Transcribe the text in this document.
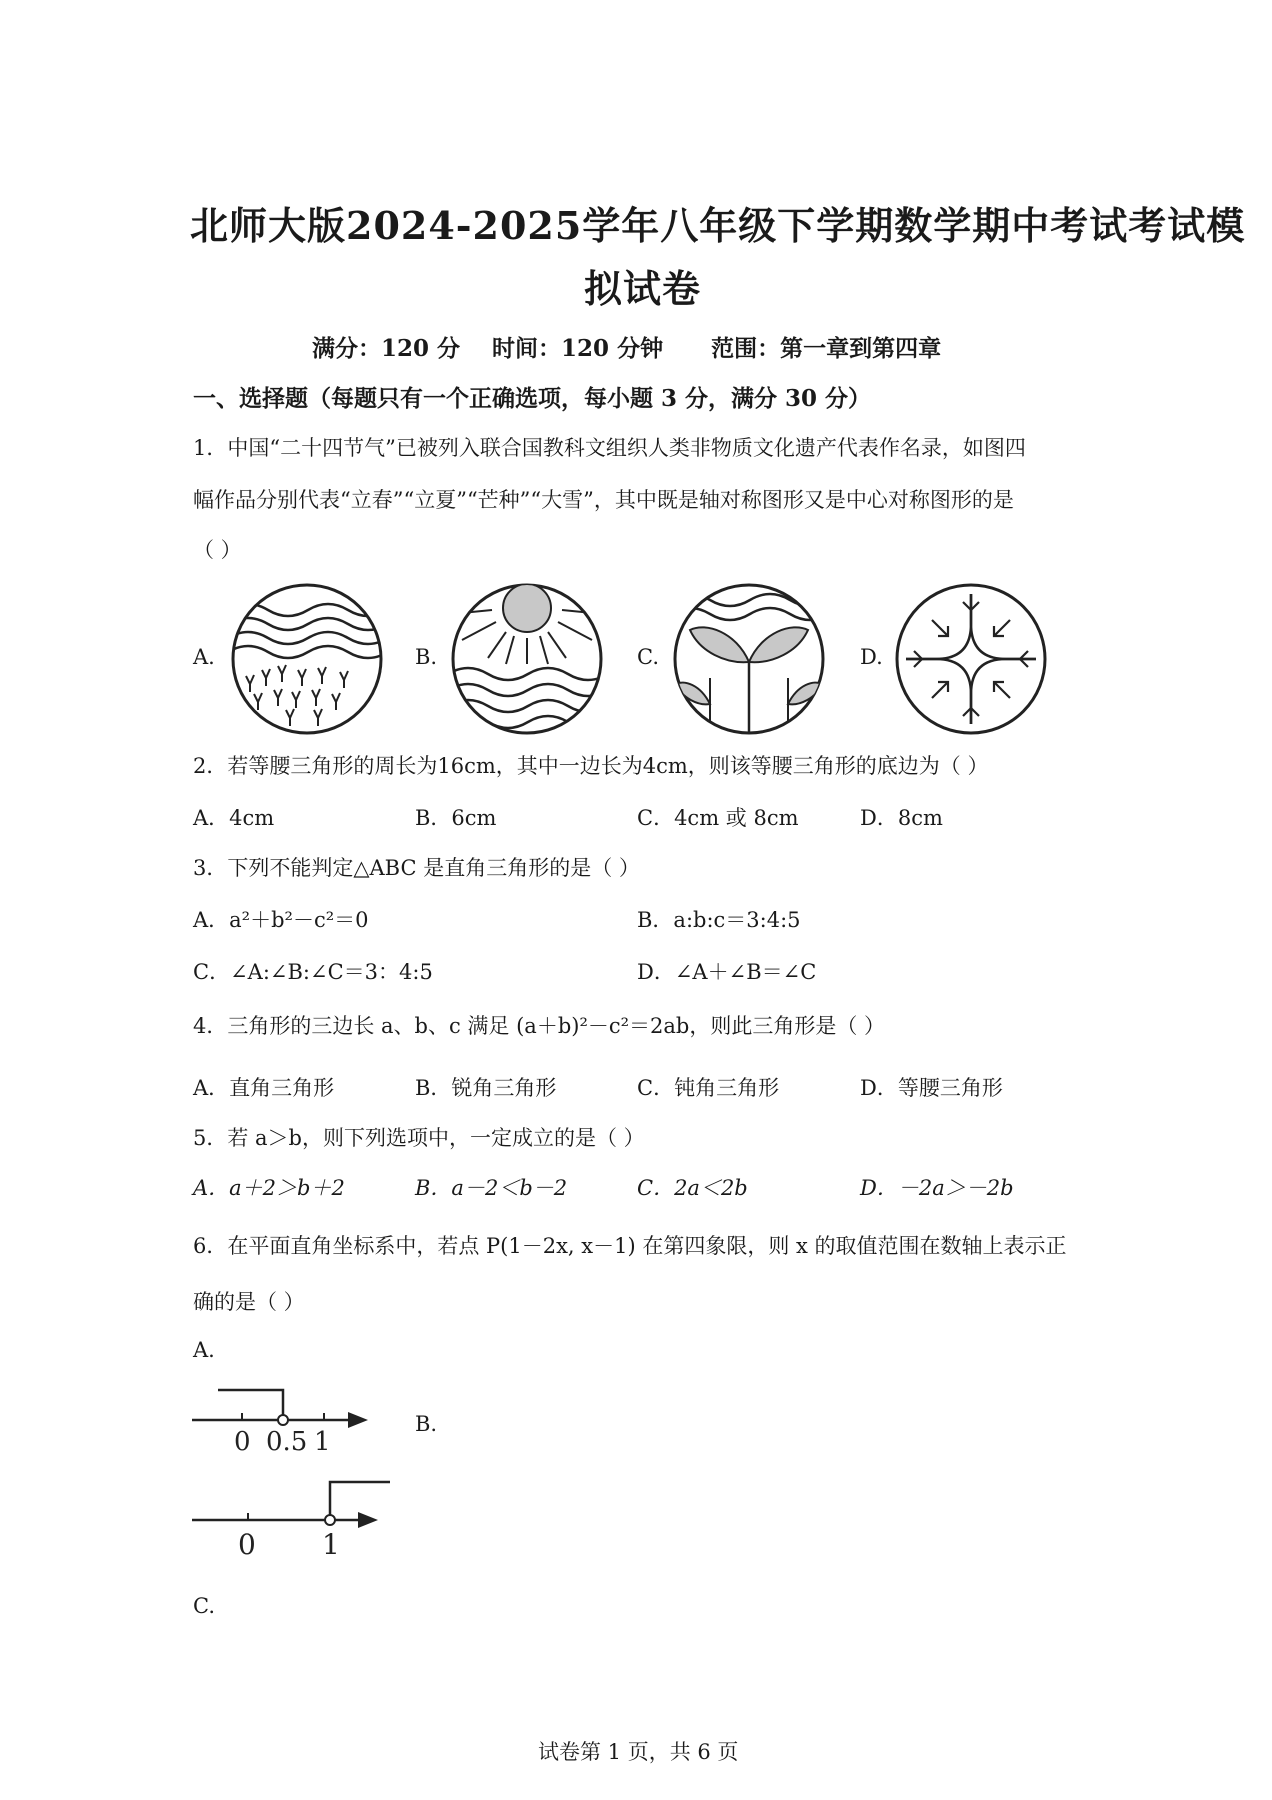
北师大版2024-2025学年八年级下学期数学期中考试考试模
拟试卷
满分：120 分    时间：120 分钟      范围：第一章到第四章
一、选择题（每题只有一个正确选项，每小题 3 分，满分 30 分）
1．中国“二十四节气”已被列入联合国教科文组织人类非物质文化遗产代表作名录，如图四
幅作品分别代表“立春”“立夏”“芒种”“大雪”，其中既是轴对称图形又是中心对称图形的是
（ ）
A.	B.	C.	D.
2．若等腰三角形的周长为16cm，其中一边长为4cm，则该等腰三角形的底边为（ ）
A．4cm	B．6cm	C．4cm 或 8cm	D．8cm
3．下列不能判定△ABC 是直角三角形的是（ ）
A．a²＋b²－c²＝0	B．a:b:c＝3:4:5
C．∠A:∠B:∠C＝3：4:5	D．∠A＋∠B＝∠C
4．三角形的三边长 a、b、c 满足 (a＋b)²－c²＝2ab，则此三角形是（ ）
A．直角三角形	B．锐角三角形	C．钝角三角形	D．等腰三角形
5．若 a＞b，则下列选项中，一定成立的是（ ）
A．a＋2＞b＋2	B．a－2＜b－2	C．2a＜2b	D．－2a＞－2b
6．在平面直角坐标系中，若点 P(1－2x, x－1) 在第四象限，则 x 的取值范围在数轴上表示正
确的是（ ）
A.
0 0.5 1
B.
0 1
C.
试卷第 1 页，共 6 页
